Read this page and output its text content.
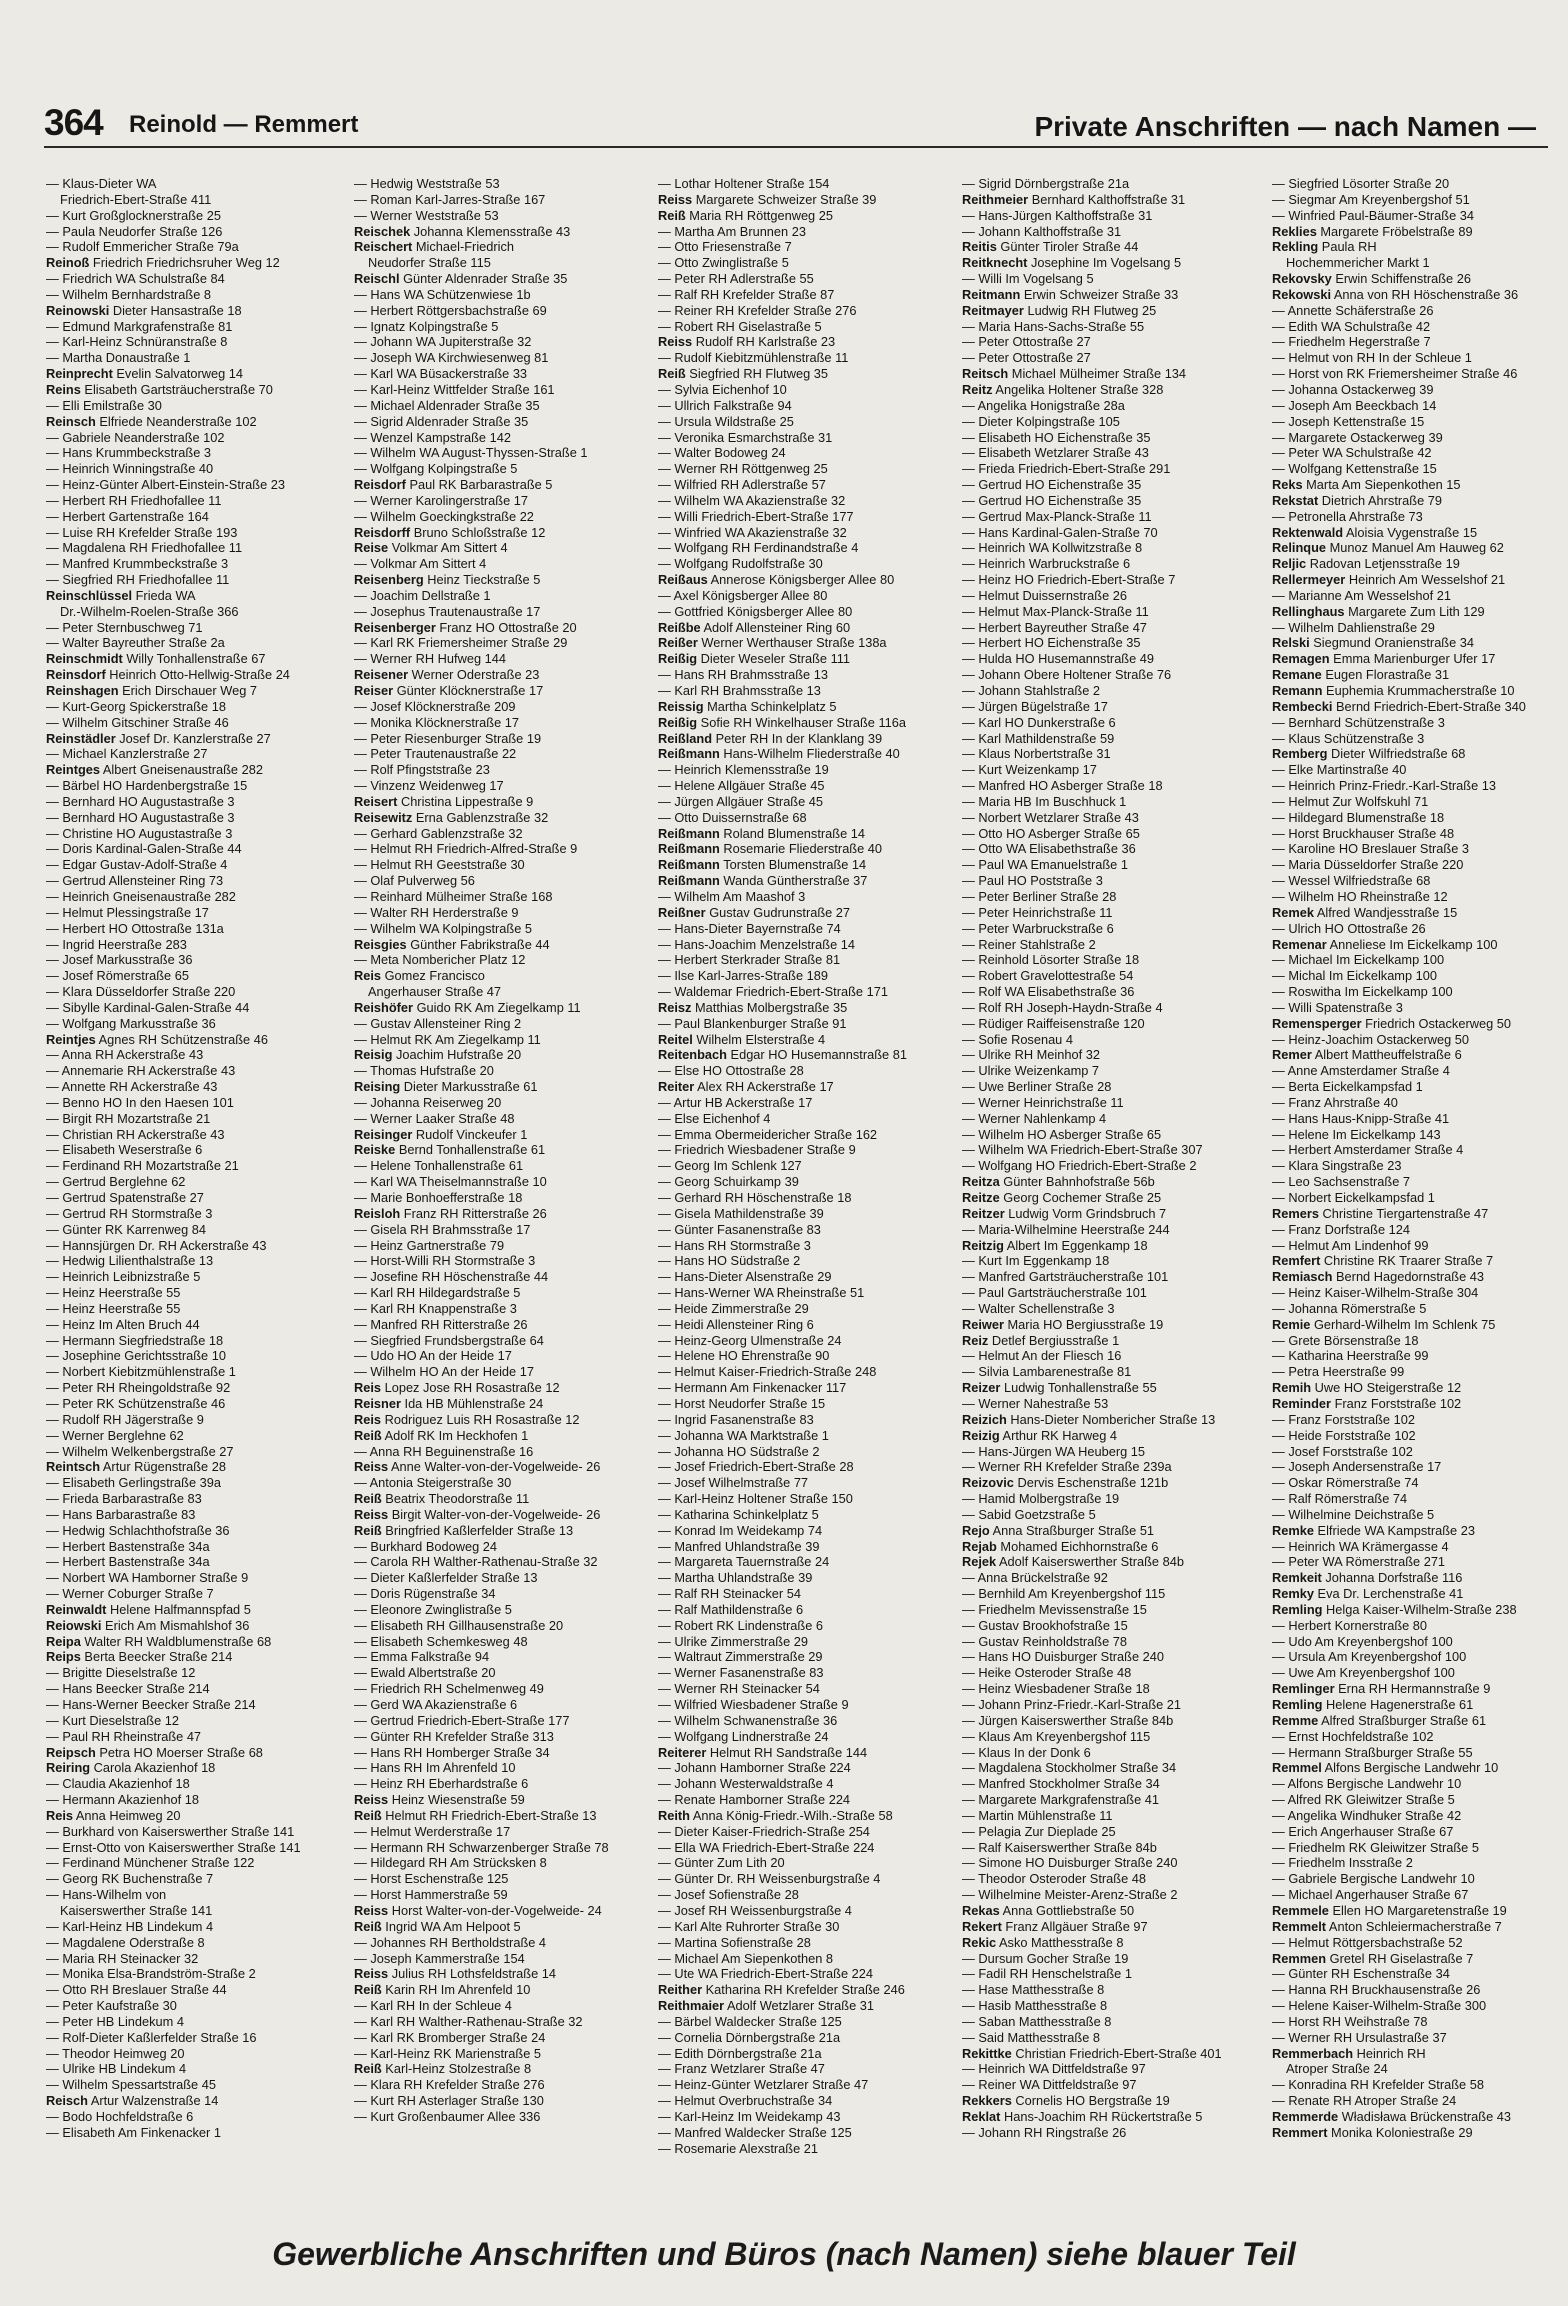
364 Reinold — Remmert	Private Anschriften — nach Namen —
— Klaus-Dieter WA
Friedrich-Ebert-Straße 411
— Kurt Großglocknerstraße 25
— Paula Neudorfer Straße 126
— Rudolf Emmericher Straße 79a
Reinoß Friedrich Friedrichsruher Weg 12
— Friedrich WA Schulstraße 84
— Wilhelm Bernhardstraße 8
Reinowski Dieter Hansastraße 18
— Edmund Markgrafenstraße 81
— Karl-Heinz Schnüranstraße 8
— Martha Donaustraße 1
Reinprecht Evelin Salvatorweg 14
Reins Elisabeth Gartsträucherstraße 70
— Elli Emilstraße 30
Reinsch Elfriede Neanderstraße 102
— Gabriele Neanderstraße 102
— Hans Krummbeckstraße 3
— Heinrich Winningstraße 40
— Heinz-Günter Albert-Einstein-Straße 23
— Herbert RH Friedhofallee 11
— Herbert Gartenstraße 164
— Luise RH Krefelder Straße 193
— Magdalena RH Friedhofallee 11
— Manfred Krummbeckstraße 3
— Siegfried RH Friedhofallee 11
Reinschlüssel Frieda WA
Dr.-Wilhelm-Roelen-Straße 366
— Peter Sternbuschweg 71
— Walter Bayreuther Straße 2a
Reinschmidt Willy Tonhallenstraße 67
Reinsdorf Heinrich Otto-Hellwig-Straße 24
Reinshagen Erich Dirschauer Weg 7
— Kurt-Georg Spickerstraße 18
— Wilhelm Gitschiner Straße 46
Reinstädler Josef Dr. Kanzlerstraße 27
— Michael Kanzlerstraße 27
Reintges Albert Gneisenaustraße 282
— Bärbel HO Hardenbergstraße 15
— Bernhard HO Augustastraße 3
— Bernhard HO Augustastraße 3
— Christine HO Augustastraße 3
— Doris Kardinal-Galen-Straße 44
— Edgar Gustav-Adolf-Straße 4
— Gertrud Allensteiner Ring 73
— Heinrich Gneisenaustraße 282
— Helmut Plessingstraße 17
— Herbert HO Ottostraße 131a
— Ingrid Heerstraße 283
— Josef Markusstraße 36
— Josef Römerstraße 65
— Klara Düsseldorfer Straße 220
— Sibylle Kardinal-Galen-Straße 44
— Wolfgang Markusstraße 36
Reintjes Agnes RH Schützenstraße 46
— Anna RH Ackerstraße 43
— Annemarie RH Ackerstraße 43
— Annette RH Ackerstraße 43
— Benno HO In den Haesen 101
— Birgit RH Mozartstraße 21
— Christian RH Ackerstraße 43
— Elisabeth Weserstraße 6
— Ferdinand RH Mozartstraße 21
— Gertrud Berglehne 62
— Gertrud Spatenstraße 27
— Gertrud RH Stormstraße 3
— Günter RK Karrenweg 84
— Hannsjürgen Dr. RH Ackerstraße 43
— Hedwig Lilienthalstraße 13
— Heinrich Leibnizstraße 5
— Heinz Heerstraße 55
— Heinz Heerstraße 55
— Heinz Im Alten Bruch 44
— Hermann Siegfriedstraße 18
— Josephine Gerichtsstraße 10
— Norbert Kiebitzmühlenstraße 1
— Peter RH Rheingoldstraße 92
— Peter RK Schützenstraße 46
— Rudolf RH Jägerstraße 9
— Werner Berglehne 62
— Wilhelm Welkenbergstraße 27
Reintsch Artur Rügenstraße 28
— Elisabeth Gerlingstraße 39a
— Frieda Barbarastraße 83
— Hans Barbarastraße 83
— Hedwig Schlachthofstraße 36
— Herbert Bastenstraße 34a
— Herbert Bastenstraße 34a
— Norbert WA Hamborner Straße 9
— Werner Coburger Straße 7
Reinwaldt Helene Halfmannspfad 5
Reiowski Erich Am Mismahlshof 36
Reipa Walter RH Waldblumenstraße 68
Reips Berta Beecker Straße 214
— Brigitte Dieselstraße 12
— Hans Beecker Straße 214
— Hans-Werner Beecker Straße 214
— Kurt Dieselstraße 12
— Paul RH Rheinstraße 47
Reipsch Petra HO Moerser Straße 68
Reiring Carola Akazienhof 18
— Claudia Akazienhof 18
— Hermann Akazienhof 18
Reis Anna Heimweg 20
— Burkhard von Kaiserswerther Straße 141
— Ernst-Otto von Kaiserswerther Straße 141
— Ferdinand Münchener Straße 122
— Georg RK Buchenstraße 7
— Hans-Wilhelm von
Kaiserswerther Straße 141
— Karl-Heinz HB Lindekum 4
— Magdalene Oderstraße 8
— Maria RH Steinacker 32
— Monika Elsa-Brandström-Straße 2
— Otto RH Breslauer Straße 44
— Peter Kaufstraße 30
— Peter HB Lindekum 4
— Rolf-Dieter Kaßlerfelder Straße 16
— Theodor Heimweg 20
— Ulrike HB Lindekum 4
— Wilhelm Spessartstraße 45
Reisch Artur Walzenstraße 14
— Bodo Hochfeldstraße 6
— Elisabeth Am Finkenacker 1
— Hedwig Weststraße 53
— Roman Karl-Jarres-Straße 167
— Werner Weststraße 53
Reischek Johanna Klemensstraße 43
Reischert Michael-Friedrich
Neudorfer Straße 115
Reischl Günter Aldenrader Straße 35
— Hans WA Schützenwiese 1b
— Herbert Röttgersbachstraße 69
— Ignatz Kolpingstraße 5
— Johann WA Jupiterstraße 32
— Joseph WA Kirchwiesenweg 81
— Karl WA Büsackerstraße 33
— Karl-Heinz Wittfelder Straße 161
— Michael Aldenrader Straße 35
— Sigrid Aldenrader Straße 35
— Wenzel Kampstraße 142
— Wilhelm WA August-Thyssen-Straße 1
— Wolfgang Kolpingstraße 5
Reisdorf Paul RK Barbarastraße 5
— Werner Karolingerstraße 17
— Wilhelm Goeckingkstraße 22
Reisdorff Bruno Schloßstraße 12
Reise Volkmar Am Sittert 4
— Volkmar Am Sittert 4
Reisenberg Heinz Tieckstraße 5
— Joachim Dellstraße 1
— Josephus Trautenaustraße 17
Reisenberger Franz HO Ottostraße 20
— Karl RK Friemersheimer Straße 29
— Werner RH Hufweg 144
Reisener Werner Oderstraße 23
Reiser Günter Klöcknerstraße 17
— Josef Klöcknerstraße 209
— Monika Klöcknerstraße 17
— Peter Riesenburger Straße 19
— Peter Trautenaustraße 22
— Rolf Pfingststraße 23
— Vinzenz Weidenweg 17
Reisert Christina Lippestraße 9
Reisewitz Erna Gablenzstraße 32
— Gerhard Gablenzstraße 32
— Helmut RH Friedrich-Alfred-Straße 9
— Helmut RH Geeststraße 30
— Olaf Pulverweg 56
— Reinhard Mülheimer Straße 168
— Walter RH Herderstraße 9
— Wilhelm WA Kolpingstraße 5
Reisgies Günther Fabrikstraße 44
— Meta Nombericher Platz 12
Reis Gomez Francisco
Angerhauser Straße 47
Reishöfer Guido RK Am Ziegelkamp 11
— Gustav Allensteiner Ring 2
— Helmut RK Am Ziegelkamp 11
Reisig Joachim Hufstraße 20
— Thomas Hufstraße 20
Reising Dieter Markusstraße 61
— Johanna Reiserweg 20
— Werner Laaker Straße 48
Reisinger Rudolf Vinckeufer 1
Reiske Bernd Tonhallenstraße 61
— Helene Tonhallenstraße 61
— Karl WA Theiselmannstraße 10
— Marie Bonhoefferstraße 18
Reisloh Franz RH Ritterstraße 26
— Gisela RH Brahmsstraße 17
— Heinz Gartnerstraße 79
— Horst-Willi RH Stormstraße 3
— Josefine RH Höschenstraße 44
— Karl RH Hildegardstraße 5
— Karl RH Knappenstraße 3
— Manfred RH Ritterstraße 26
— Siegfried Frundsbergstraße 64
— Udo HO An der Heide 17
— Wilhelm HO An der Heide 17
Reis Lopez Jose RH Rosastraße 12
Reisner Ida HB Mühlenstraße 24
Reis Rodriguez Luis RH Rosastraße 12
Reiß Adolf RK Im Heckhofen 1
— Anna RH Beguinenstraße 16
Reiss Anne Walter-von-der-Vogelweide- 26
— Antonia Steigerstraße 30
Reiß Beatrix Theodorstraße 11
Reiss Birgit Walter-von-der-Vogelweide- 26
Reiß Bringfried Kaßlerfelder Straße 13
— Burkhard Bodoweg 24
— Carola RH Walther-Rathenau-Straße 32
— Dieter Kaßlerfelder Straße 13
— Doris Rügenstraße 34
— Eleonore Zwinglistraße 5
— Elisabeth RH Gillhausenstraße 20
— Elisabeth Schemkesweg 48
— Emma Falkstraße 94
— Ewald Albertstraße 20
— Friedrich RH Schelmenweg 49
— Gerd WA Akazienstraße 6
— Gertrud Friedrich-Ebert-Straße 177
— Günter RH Krefelder Straße 313
— Hans RH Homberger Straße 34
— Hans RH Im Ahrenfeld 10
— Heinz RH Eberhardstraße 6
Reiss Heinz Wiesenstraße 59
Reiß Helmut RH Friedrich-Ebert-Straße 13
— Helmut Werderstraße 17
— Hermann RH Schwarzenberger Straße 78
— Hildegard RH Am Strücksken 8
— Horst Eschenstraße 125
— Horst Hammerstraße 59
Reiss Horst Walter-von-der-Vogelweide- 24
Reiß Ingrid WA Am Helpoot 5
— Johannes RH Bertholdstraße 4
— Joseph Kammerstraße 154
Reiss Julius RH Lothsfeldstraße 14
Reiß Karin RH Im Ahrenfeld 10
— Karl RH In der Schleue 4
— Karl RH Walther-Rathenau-Straße 32
— Karl RK Bromberger Straße 24
— Karl-Heinz RK Marienstraße 5
Reiß Karl-Heinz Stolzestraße 8
— Klara RH Krefelder Straße 276
— Kurt RH Asterlager Straße 130
— Kurt Großenbaumer Allee 336
— Lothar Holtener Straße 154
Reiss Margarete Schweizer Straße 39
Reiß Maria RH Röttgenweg 25
— Martha Am Brunnen 23
— Otto Friesenstraße 7
— Otto Zwinglistraße 5
— Peter RH Adlerstraße 55
— Ralf RH Krefelder Straße 87
— Reiner RH Krefelder Straße 276
— Robert RH Giselastraße 5
Reiss Rudolf RH Karlstraße 23
— Rudolf Kiebitzmühlenstraße 11
Reiß Siegfried RH Flutweg 35
— Sylvia Eichenhof 10
— Ullrich Falkstraße 94
— Ursula Wildstraße 25
— Veronika Esmarchstraße 31
— Walter Bodoweg 24
— Werner RH Röttgenweg 25
— Wilfried RH Adlerstraße 57
— Wilhelm WA Akazienstraße 32
— Willi Friedrich-Ebert-Straße 177
— Winfried WA Akazienstraße 32
— Wolfgang RH Ferdinandstraße 4
— Wolfgang Rudolfstraße 30
Reißaus Annerose Königsberger Allee 80
— Axel Königsberger Allee 80
— Gottfried Königsberger Allee 80
Reißbe Adolf Allensteiner Ring 60
Reißer Werner Werthauser Straße 138a
Reißig Dieter Weseler Straße 111
— Hans RH Brahmsstraße 13
— Karl RH Brahmsstraße 13
Reissig Martha Schinkelplatz 5
Reißig Sofie RH Winkelhauser Straße 116a
Reißland Peter RH In der Klanklang 39
Reißmann Hans-Wilhelm Fliederstraße 40
— Heinrich Klemensstraße 19
— Helene Allgäuer Straße 45
— Jürgen Allgäuer Straße 45
— Otto Duissernstraße 68
Reißmann Roland Blumenstraße 14
Reißmann Rosemarie Fliederstraße 40
Reißmann Torsten Blumenstraße 14
Reißmann Wanda Güntherstraße 37
— Wilhelm Am Maashof 3
Reißner Gustav Gudrunstraße 27
— Hans-Dieter Bayernstraße 74
— Hans-Joachim Menzelstraße 14
— Herbert Sterkrader Straße 81
— Ilse Karl-Jarres-Straße 189
— Waldemar Friedrich-Ebert-Straße 171
Reisz Matthias Molbergstraße 35
— Paul Blankenburger Straße 91
Reitel Wilhelm Elsterstraße 4
Reitenbach Edgar HO Husemannstraße 81
— Else HO Ottostraße 28
Reiter Alex RH Ackerstraße 17
— Artur HB Ackerstraße 17
— Else Eichenhof 4
— Emma Obermeidericher Straße 162
— Friedrich Wiesbadener Straße 9
— Georg Im Schlenk 127
— Georg Schuirkamp 39
— Gerhard RH Höschenstraße 18
— Gisela Mathildenstraße 39
— Günter Fasanenstraße 83
— Hans RH Stormstraße 3
— Hans HO Südstraße 2
— Hans-Dieter Alsenstraße 29
— Hans-Werner WA Rheinstraße 51
— Heide Zimmerstraße 29
— Heidi Allensteiner Ring 6
— Heinz-Georg Ulmenstraße 24
— Helene HO Ehrenstraße 90
— Helmut Kaiser-Friedrich-Straße 248
— Hermann Am Finkenacker 117
— Horst Neudorfer Straße 15
— Ingrid Fasanenstraße 83
— Johanna WA Marktstraße 1
— Johanna HO Südstraße 2
— Josef Friedrich-Ebert-Straße 28
— Josef Wilhelmstraße 77
— Karl-Heinz Holtener Straße 150
— Katharina Schinkelplatz 5
— Konrad Im Weidekamp 74
— Manfred Uhlandstraße 39
— Margareta Tauernstraße 24
— Martha Uhlandstraße 39
— Ralf RH Steinacker 54
— Ralf Mathildenstraße 6
— Robert RK Lindenstraße 6
— Ulrike Zimmerstraße 29
— Waltraut Zimmerstraße 29
— Werner Fasanenstraße 83
— Werner RH Steinacker 54
— Wilfried Wiesbadener Straße 9
— Wilhelm Schwanenstraße 36
— Wolfgang Lindnerstraße 24
Reiterer Helmut RH Sandstraße 144
— Johann Hamborner Straße 224
— Johann Westerwaldstraße 4
— Renate Hamborner Straße 224
Reith Anna König-Friedr.-Wilh.-Straße 58
— Dieter Kaiser-Friedrich-Straße 254
— Ella WA Friedrich-Ebert-Straße 224
— Günter Zum Lith 20
— Günter Dr. RH Weissenburgstraße 4
— Josef Sofienstraße 28
— Josef RH Weissenburgstraße 4
— Karl Alte Ruhrorter Straße 30
— Martina Sofienstraße 28
— Michael Am Siepenkothen 8
— Ute WA Friedrich-Ebert-Straße 224
Reither Katharina RH Krefelder Straße 246
Reithmaier Adolf Wetzlarer Straße 31
— Bärbel Waldecker Straße 125
— Cornelia Dörnbergstraße 21a
— Edith Dörnbergstraße 21a
— Franz Wetzlarer Straße 47
— Heinz-Günter Wetzlarer Straße 47
— Helmut Overbruchstraße 34
— Karl-Heinz Im Weidekamp 43
— Manfred Waldecker Straße 125
— Rosemarie Alexstraße 21
— Sigrid Dörnbergstraße 21a
Reithmeier Bernhard Kalthoffstraße 31
— Hans-Jürgen Kalthoffstraße 31
— Johann Kalthoffstraße 31
Reitis Günter Tiroler Straße 44
Reitknecht Josephine Im Vogelsang 5
— Willi Im Vogelsang 5
Reitmann Erwin Schweizer Straße 33
Reitmayer Ludwig RH Flutweg 25
— Maria Hans-Sachs-Straße 55
— Peter Ottostraße 27
— Peter Ottostraße 27
Reitsch Michael Mülheimer Straße 134
Reitz Angelika Holtener Straße 328
— Angelika Honigstraße 28a
— Dieter Kolpingstraße 105
— Elisabeth HO Eichenstraße 35
— Elisabeth Wetzlarer Straße 43
— Frieda Friedrich-Ebert-Straße 291
— Gertrud HO Eichenstraße 35
— Gertrud HO Eichenstraße 35
— Gertrud Max-Planck-Straße 11
— Hans Kardinal-Galen-Straße 70
— Heinrich WA Kollwitzstraße 8
— Heinrich Warbruckstraße 6
— Heinz HO Friedrich-Ebert-Straße 7
— Helmut Duissernstraße 26
— Helmut Max-Planck-Straße 11
— Herbert Bayreuther Straße 47
— Herbert HO Eichenstraße 35
— Hulda HO Husemannstraße 49
— Johann Obere Holtener Straße 76
— Johann Stahlstraße 2
— Jürgen Bügelstraße 17
— Karl HO Dunkerstraße 6
— Karl Mathildenstraße 59
— Klaus Norbertstraße 31
— Kurt Weizenkamp 17
— Manfred HO Asberger Straße 18
— Maria HB Im Buschhuck 1
— Norbert Wetzlarer Straße 43
— Otto HO Asberger Straße 65
— Otto WA Elisabethstraße 36
— Paul WA Emanuelstraße 1
— Paul HO Poststraße 3
— Peter Berliner Straße 28
— Peter Heinrichstraße 11
— Peter Warbruckstraße 6
— Reiner Stahlstraße 2
— Reinhold Lösorter Straße 18
— Robert Gravelottestraße 54
— Rolf WA Elisabethstraße 36
— Rolf RH Joseph-Haydn-Straße 4
— Rüdiger Raiffeisenstraße 120
— Sofie Rosenau 4
— Ulrike RH Meinhof 32
— Ulrike Weizenkamp 7
— Uwe Berliner Straße 28
— Werner Heinrichstraße 11
— Werner Nahlenkamp 4
— Wilhelm HO Asberger Straße 65
— Wilhelm WA Friedrich-Ebert-Straße 307
— Wolfgang HO Friedrich-Ebert-Straße 2
Reitza Günter Bahnhofstraße 56b
Reitze Georg Cochemer Straße 25
Reitzer Ludwig Vorm Grindsbruch 7
— Maria-Wilhelmine Heerstraße 244
Reitzig Albert Im Eggenkamp 18
— Kurt Im Eggenkamp 18
— Manfred Gartsträucherstraße 101
— Paul Gartsträucherstraße 101
— Walter Schellenstraße 3
Reiwer Maria HO Bergiusstraße 19
Reiz Detlef Bergiusstraße 1
— Helmut An der Fliesch 16
— Silvia Lambarenestraße 81
Reizer Ludwig Tonhallenstraße 55
— Werner Nahestraße 53
Reizich Hans-Dieter Nombericher Straße 13
Reizig Arthur RK Harweg 4
— Hans-Jürgen WA Heuberg 15
— Werner RH Krefelder Straße 239a
Reizovic Dervis Eschenstraße 121b
— Hamid Molbergstraße 19
— Sabid Goetzstraße 5
Rejo Anna Straßburger Straße 51
Rejab Mohamed Eichhornstraße 6
Rejek Adolf Kaiserswerther Straße 84b
— Anna Brückelstraße 92
— Bernhild Am Kreyenbergshof 115
— Friedhelm Mevissenstraße 15
— Gustav Brookhofstraße 15
— Gustav Reinholdstraße 78
— Hans HO Duisburger Straße 240
— Heike Osteroder Straße 48
— Heinz Wiesbadener Straße 18
— Johann Prinz-Friedr.-Karl-Straße 21
— Jürgen Kaiserswerther Straße 84b
— Klaus Am Kreyenbergshof 115
— Klaus In der Donk 6
— Magdalena Stockholmer Straße 34
— Manfred Stockholmer Straße 34
— Margarete Markgrafenstraße 41
— Martin Mühlenstraße 11
— Pelagia Zur Dieplade 25
— Ralf Kaiserswerther Straße 84b
— Simone HO Duisburger Straße 240
— Theodor Osteroder Straße 48
— Wilhelmine Meister-Arenz-Straße 2
Rekas Anna Gottliebstraße 50
Rekert Franz Allgäuer Straße 97
Rekic Asko Matthesstraße 8
— Dursum Gocher Straße 19
— Fadil RH Henschelstraße 1
— Hase Matthesstraße 8
— Hasib Matthesstraße 8
— Saban Matthesstraße 8
— Said Matthesstraße 8
Rekittke Christian Friedrich-Ebert-Straße 401
— Heinrich WA Dittfeldstraße 97
— Reiner WA Dittfeldstraße 97
Rekkers Cornelis HO Bergstraße 19
Reklat Hans-Joachim RH Rückertstraße 5
— Johann RH Ringstraße 26
— Siegfried Lösorter Straße 20
— Siegmar Am Kreyenbergshof 51
— Winfried Paul-Bäumer-Straße 34
Reklies Margarete Fröbelstraße 89
Rekling Paula RH
Hochemmericher Markt 1
Rekovsky Erwin Schiffenstraße 26
Rekowski Anna von RH Höschenstraße 36
— Annette Schäferstraße 26
— Edith WA Schulstraße 42
— Friedhelm Hegerstraße 7
— Helmut von RH In der Schleue 1
— Horst von RK Friemersheimer Straße 46
— Johanna Ostackerweg 39
— Joseph Am Beeckbach 14
— Joseph Kettenstraße 15
— Margarete Ostackerweg 39
— Peter WA Schulstraße 42
— Wolfgang Kettenstraße 15
Reks Marta Am Siepenkothen 15
Rekstat Dietrich Ahrstraße 79
— Petronella Ahrstraße 73
Rektenwald Aloisia Vygenstraße 15
Relinque Munoz Manuel Am Hauweg 62
Reljic Radovan Letjensstraße 19
Rellermeyer Heinrich Am Wesselshof 21
— Marianne Am Wesselshof 21
Rellinghaus Margarete Zum Lith 129
— Wilhelm Dahlienstraße 29
Relski Siegmund Oranienstraße 34
Remagen Emma Marienburger Ufer 17
Remane Eugen Florastraße 31
Remann Euphemia Krummacherstraße 10
Rembecki Bernd Friedrich-Ebert-Straße 340
— Bernhard Schützenstraße 3
— Klaus Schützenstraße 3
Remberg Dieter Wilfriedstraße 68
— Elke Martinstraße 40
— Heinrich Prinz-Friedr.-Karl-Straße 13
— Helmut Zur Wolfskuhl 71
— Hildegard Blumenstraße 18
— Horst Bruckhauser Straße 48
— Karoline HO Breslauer Straße 3
— Maria Düsseldorfer Straße 220
— Wessel Wilfriedstraße 68
— Wilhelm HO Rheinstraße 12
Remek Alfred Wandjesstraße 15
— Ulrich HO Ottostraße 26
Remenar Anneliese Im Eickelkamp 100
— Michael Im Eickelkamp 100
— Michal Im Eickelkamp 100
— Roswitha Im Eickelkamp 100
— Willi Spatenstraße 3
Remensperger Friedrich Ostackerweg 50
— Heinz-Joachim Ostackerweg 50
Remer Albert Mattheuffelstraße 6
— Anne Amsterdamer Straße 4
— Berta Eickelkampsfad 1
— Franz Ahrstraße 40
— Hans Haus-Knipp-Straße 41
— Helene Im Eickelkamp 143
— Herbert Amsterdamer Straße 4
— Klara Singstraße 23
— Leo Sachsenstraße 7
— Norbert Eickelkampsfad 1
Remers Christine Tiergartenstraße 47
— Franz Dorfstraße 124
— Helmut Am Lindenhof 99
Remfert Christine RK Traarer Straße 7
Remiasch Bernd Hagedornstraße 43
— Heinz Kaiser-Wilhelm-Straße 304
— Johanna Römerstraße 5
Remie Gerhard-Wilhelm Im Schlenk 75
— Grete Börsenstraße 18
— Katharina Heerstraße 99
— Petra Heerstraße 99
Remih Uwe HO Steigerstraße 12
Reminder Franz Forststraße 102
— Franz Forststraße 102
— Heide Forststraße 102
— Josef Forststraße 102
— Joseph Andersenstraße 17
— Oskar Römerstraße 74
— Ralf Römerstraße 74
— Wilhelmine Deichstraße 5
Remke Elfriede WA Kampstraße 23
— Heinrich WA Krämergasse 4
— Peter WA Römerstraße 271
Remkeit Johanna Dorfstraße 116
Remky Eva Dr. Lerchenstraße 41
Remling Helga Kaiser-Wilhelm-Straße 238
— Herbert Kornerstraße 80
— Udo Am Kreyenbergshof 100
— Ursula Am Kreyenbergshof 100
— Uwe Am Kreyenbergshof 100
Remlinger Erna RH Hermannstraße 9
Remling Helene Hagenerstraße 61
Remme Alfred Straßburger Straße 61
— Ernst Hochfeldstraße 102
— Hermann Straßburger Straße 55
Remmel Alfons Bergische Landwehr 10
— Alfons Bergische Landwehr 10
— Alfred RK Gleiwitzer Straße 5
— Angelika Windhuker Straße 42
— Erich Angerhauser Straße 67
— Friedhelm RK Gleiwitzer Straße 5
— Friedhelm Insstraße 2
— Gabriele Bergische Landwehr 10
— Michael Angerhauser Straße 67
Remmele Ellen HO Margaretenstraße 19
Remmelt Anton Schleiermacherstraße 7
— Helmut Röttgersbachstraße 52
Remmen Gretel RH Giselastraße 7
— Günter RH Eschenstraße 34
— Hanna RH Bruckhausenstraße 26
— Helene Kaiser-Wilhelm-Straße 300
— Horst RH Weihstraße 78
— Werner RH Ursulastraße 37
Remmerbach Heinrich RH
Atroper Straße 24
— Konradina RH Krefelder Straße 58
— Renate RH Atroper Straße 24
Remmerde Władisława Brückenstraße 43
Remmert Monika Koloniestraße 29
Gewerbliche Anschriften und Büros (nach Namen) siehe blauer Teil
